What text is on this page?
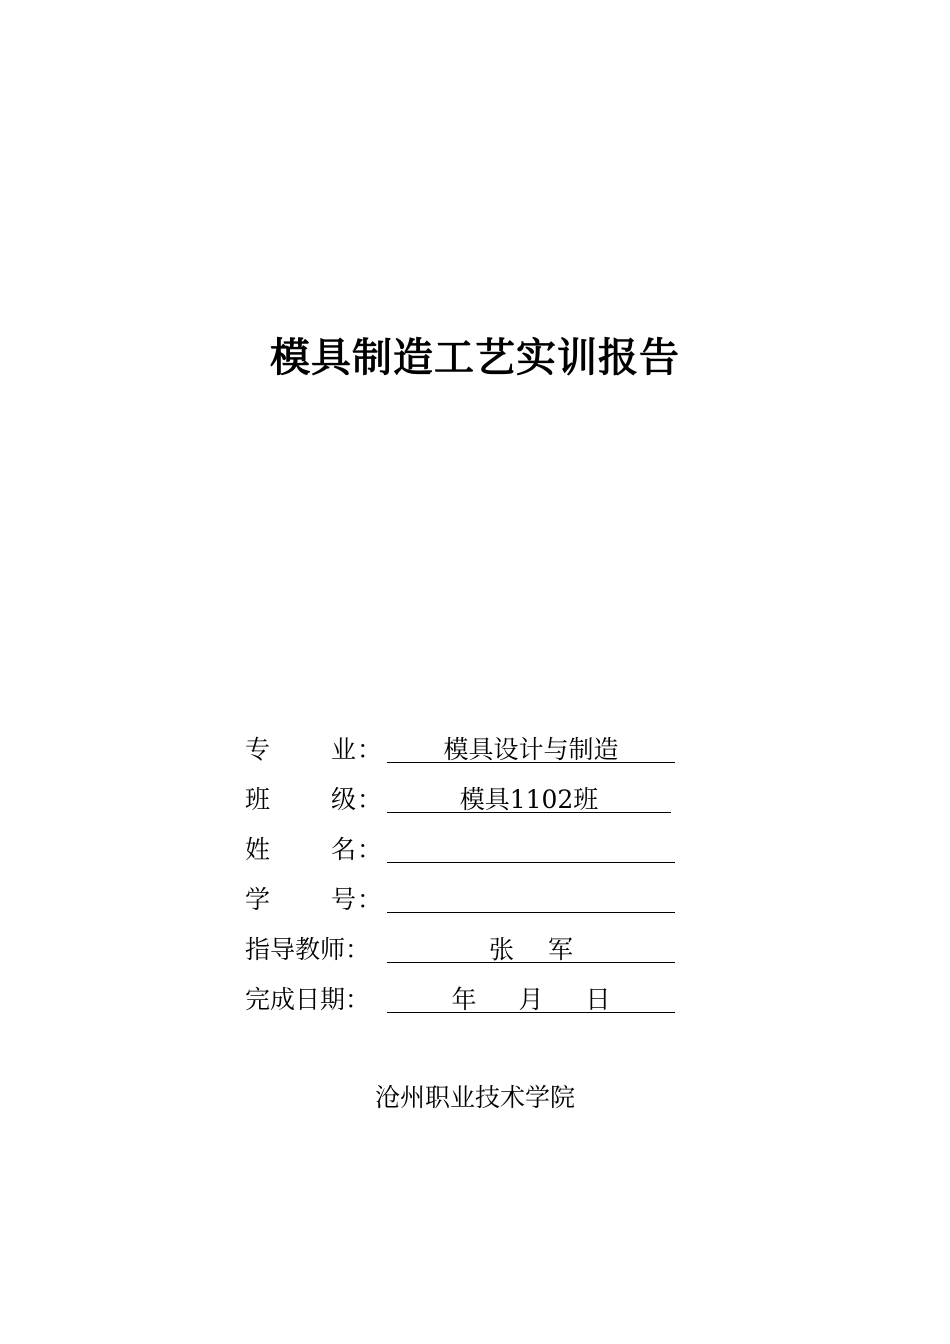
模具制造工艺实训报告
专 业 ：	模具设计与制造
班 级 ：	模具1102班
姓 名 ：
学 号 ：
指导教师：	张 军
完成日期：	年 月 日
沧州职业技术学院
